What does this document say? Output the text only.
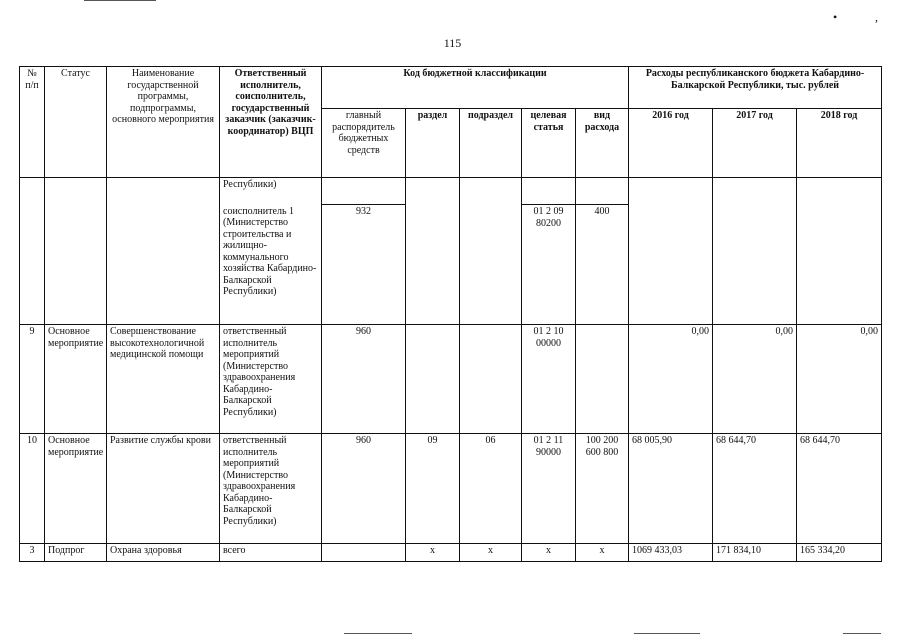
•	,
115
№ п/п	Статус	Наименование государственной программы, подпрограммы, основного мероприятия	Ответственный исполнитель, соисполнитель, государственный заказчик (заказчик-координатор) ВЦП	Код бюджетной классификации					Расходы республиканского бюджета Кабардино-Балкарской Республики, тыс. рублей		
				главный распорядитель бюджетных средств	раздел	подраздел	целевая статья	вид расхода	2016 год	2017 год	2018 год
			Республики)								
			соисполнитель 1 (Министерство строительства и жилищно-коммунального хозяйства Кабардино-Балкарской Республики)	932			01 2 09 80200	400			
9	Основное мероприятие	Совершенствование высокотехнологичной медицинской помощи	ответственный исполнитель мероприятий (Министерство здравоохранения Кабардино-Балкарской Республики)	960			01 2 10 00000		0,00	0,00	0,00
10	Основное мероприятие	Развитие службы крови	ответственный исполнитель мероприятий (Министерство здравоохранения Кабардино-Балкарской Республики)	960	09	06	01 2 11 90000	100 200 600 800	68 005,90	68 644,70	68 644,70
3	Подпрог	Охрана здоровья	всего		x	x	x	x	1069 433,03	171 834,10	165 334,20
